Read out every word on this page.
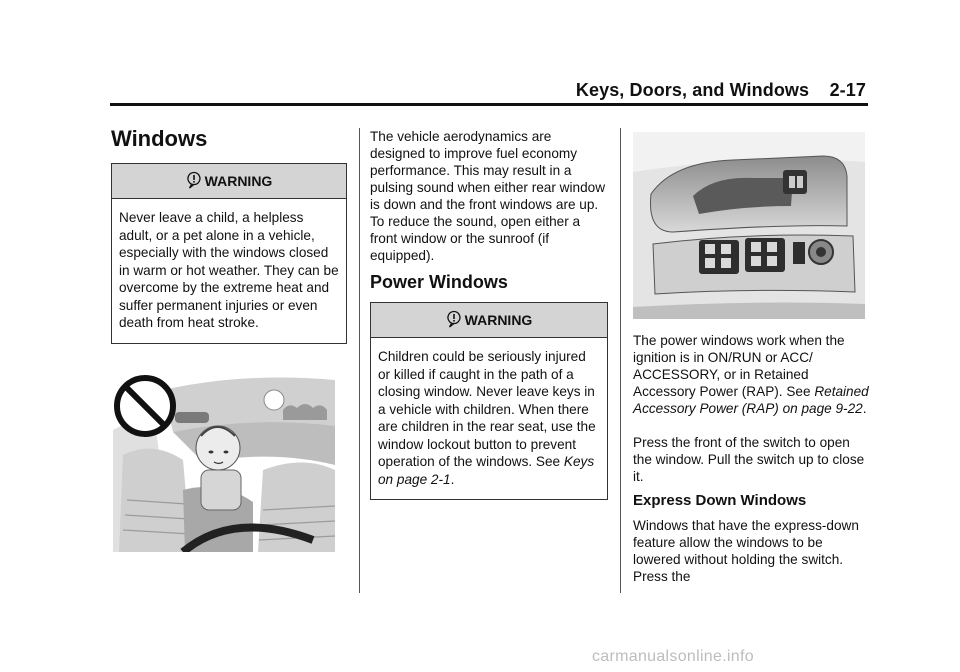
Keys, Doors, and Windows 2-17
Windows
WARNING
Never leave a child, a helpless adult, or a pet alone in a vehicle, especially with the windows closed in warm or hot weather. They can be overcome by the extreme heat and suffer permanent injuries or even death from heat stroke.
The vehicle aerodynamics are designed to improve fuel economy performance. This may result in a pulsing sound when either rear window is down and the front windows are up. To reduce the sound, open either a front window or the sunroof (if equipped).
Power Windows
WARNING
Children could be seriously injured or killed if caught in the path of a closing window. Never leave keys in a vehicle with children. When there are children in the rear seat, use the window lockout button to prevent operation of the windows. See Keys on page 2-1.
The power windows work when the ignition is in ON/RUN or ACC/ ACCESSORY, or in Retained Accessory Power (RAP). See Retained Accessory Power (RAP) on page 9-22.
Press the front of the switch to open the window. Pull the switch up to close it.
Express Down Windows
Windows that have the express-down feature allow the windows to be lowered without holding the switch. Press the
carmanualsonline.info
